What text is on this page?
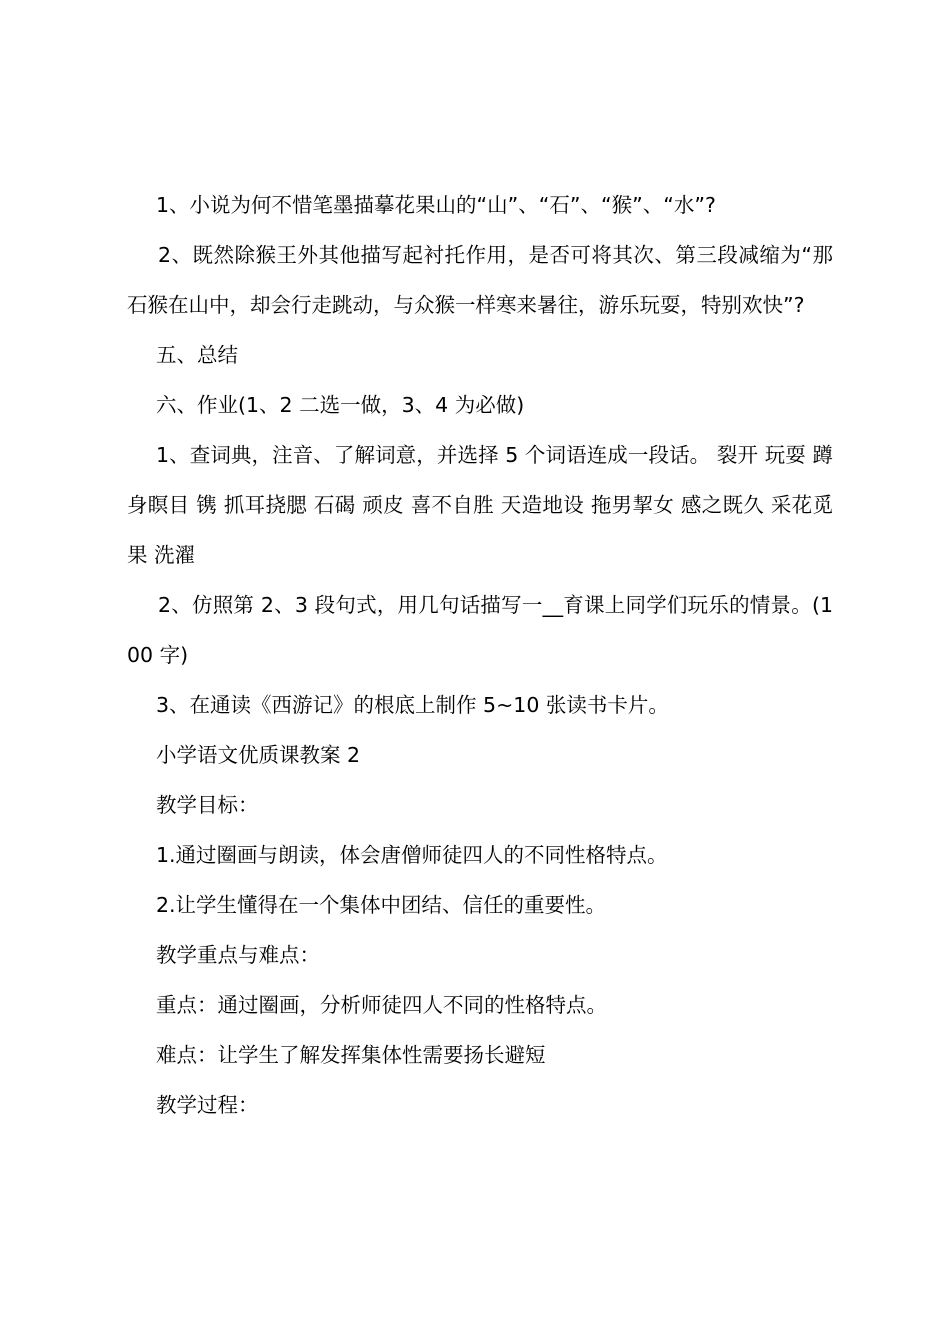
1、小说为何不惜笔墨描摹花果山的“山”、“石”、“猴”、“水”?

2、既然除猴王外其他描写起衬托作用，是否可将其次、第三段减缩为“那石猴在山中，却会行走跳动，与众猴一样寒来暑往，游乐玩耍，特别欢快”?

五、总结

六、作业(1、2 二选一做，3、4 为必做)

1、查词典，注音、了解词意，并选择 5 个词语连成一段话。 裂开 玩耍 蹲身瞑目 镌 抓耳挠腮 石碣 顽皮 喜不自胜 天造地设 拖男挈女 感之既久 采花觅果 洗濯

2、仿照第 2、3 段句式，用几句话描写一__育课上同学们玩乐的情景。(100 字)

3、在通读《西游记》的根底上制作 5~10 张读书卡片。

小学语文优质课教案 2

教学目标：

1.通过圈画与朗读，体会唐僧师徒四人的不同性格特点。

2.让学生懂得在一个集体中团结、信任的重要性。

教学重点与难点：

重点：通过圈画，分析师徒四人不同的性格特点。

难点：让学生了解发挥集体性需要扬长避短

教学过程：
